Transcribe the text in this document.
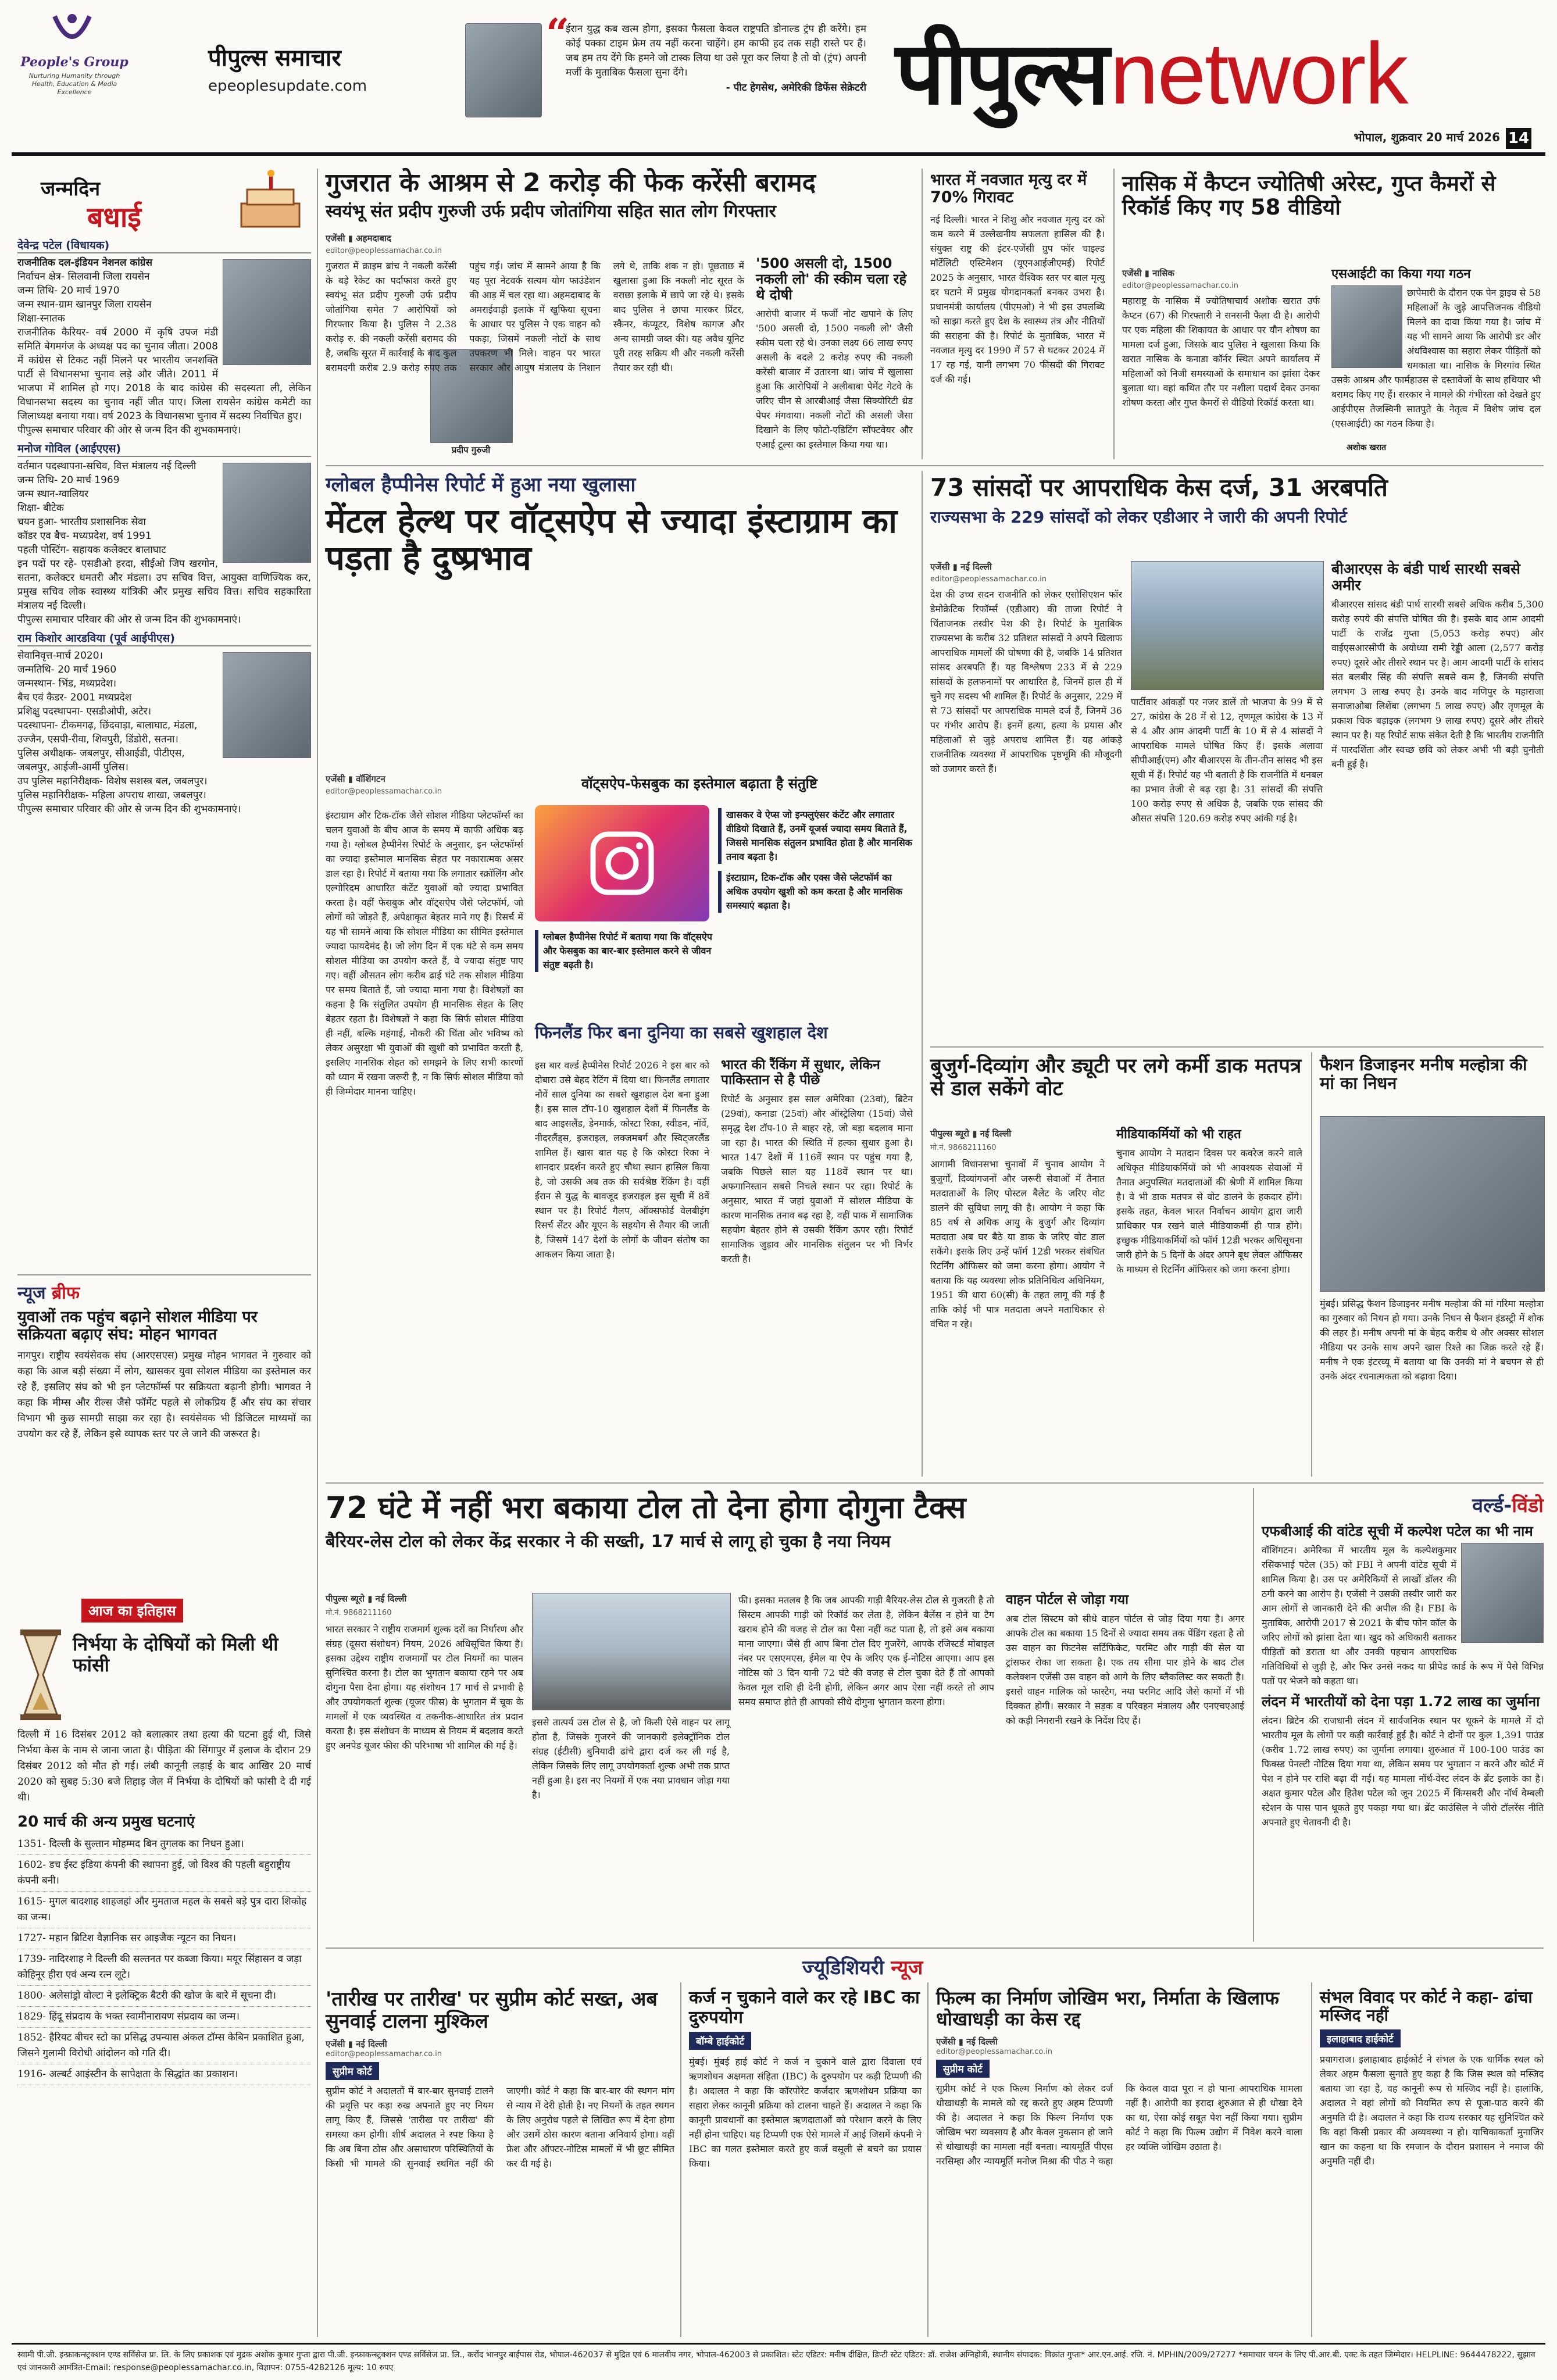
People's Group
Nurturing Humanity through Health, Education & Media Excellence
पीपुल्स समाचार
epeoplesupdate.com
“
ईरान युद्ध कब खत्म होगा, इसका फैसला केवल राष्ट्रपति डोनाल्ड ट्रंप ही करेंगे। हम कोई पक्का टाइम फ्रेम तय नहीं करना चाहेंगे। हम काफी हद तक सही रास्ते पर हैं। जब हम तय देंगे कि हमने जो टास्क लिया था उसे पूरा कर लिया है तो वो (ट्रंप) अपनी मर्जी के मुताबिक फैसला सुना देंगे।
- पीट हेगसेथ, अमेरिकी डिफेंस सेक्रेटरी पीपुल्स network
भोपाल, शुक्रवार 20 मार्च 2026 14
जन्मदिन
बधाई
देवेन्द्र पटेल (विधायक)
राजनीतिक दल-इंडियन नेशनल कांग्रेस
निर्वाचन क्षेत्र- सिलवानी जिला रायसेन
जन्म तिथि- 20 मार्च 1970
जन्म स्थान-ग्राम खानपुर जिला रायसेन
शिक्षा-स्नातक
राजनीतिक कैरियर- वर्ष 2000 में कृषि उपज मंडी समिति बेगमगंज के अध्यक्ष पद का चुनाव जीता। 2008 में कांग्रेस से टिकट नहीं मिलने पर भारतीय जनशक्ति पार्टी से विधानसभा चुनाव लड़े और जीते। 2011 में भाजपा में शामिल हो गए। 2018 के बाद कांग्रेस की सदस्यता ली, लेकिन विधानसभा सदस्य का चुनाव नहीं जीत पाए। जिला रायसेन कांग्रेस कमेटी का जिलाध्यक्ष बनाया गया। वर्ष 2023 के विधानसभा चुनाव में सदस्य निर्वाचित हुए।
पीपुल्स समाचार परिवार की ओर से जन्म दिन की शुभकामनाएं।
मनोज गोविल (आईएएस)
वर्तमान पदस्थापना-सचिव, वित्त मंत्रालय नई दिल्ली
जन्म तिथि- 20 मार्च 1969
जन्म स्थान-ग्वालियर
शिक्षा- बीटेक
चयन हुआ- भारतीय प्रशासनिक सेवा
कॉडर एव बैच- मध्यप्रदेश, वर्ष 1991
पहली पोस्टिंग- सहायक कलेक्टर बालाघाट
इन पदों पर रहे- एसडीओ हरदा, सीईओ जिप खरगोन, सतना, कलेक्टर धमतरी और मंडला। उप सचिव वित्त, आयुक्त वाणिज्यिक कर, प्रमुख सचिव लोक स्वास्थ्य यांत्रिकी और प्रमुख सचिव वित्त। सचिव सहकारिता मंत्रालय नई दिल्ली।
पीपुल्स समाचार परिवार की ओर से जन्म दिन की शुभकामनाएं।
राम किशोर आरडविया (पूर्व आईपीएस)
सेवानिवृत्त-मार्च 2020।
जन्मतिथि- 20 मार्च 1960
जन्मस्थान- भिंड, मध्यप्रदेश।
बैच एवं कैडर- 2001 मध्यप्रदेश
प्रशिक्षु पदस्थापना- एसडीओपी, अटेर।
पदस्थापना- टीकमगढ़, छिंदवाड़ा, बालाघाट, मंडला, उज्जैन, एसपी-रीवा, शिवपुरी, डिंडोरी, सतना।
पुलिस अधीक्षक- जबलपुर, सीआईडी, पीटीएस, जबलपुर, आईजी-आर्मी पुलिस।
उप पुलिस महानिरीक्षक- विशेष सशस्त्र बल, जबलपुर।
पुलिस महानिरीक्षक- महिला अपराध शाखा, जबलपुर।
पीपुल्स समाचार परिवार की ओर से जन्म दिन की शुभकामनाएं।
न्यूज ब्रीफ
युवाओं तक पहुंच बढ़ाने सोशल मीडिया पर सक्रियता बढ़ाए संघ: मोहन भागवत
नागपुर। राष्ट्रीय स्वयंसेवक संघ (आरएसएस) प्रमुख मोहन भागवत ने गुरुवार को कहा कि आज बड़ी संख्या में लोग, खासकर युवा सोशल मीडिया का इस्तेमाल कर रहे हैं, इसलिए संघ को भी इन प्लेटफॉर्म्स पर सक्रियता बढ़ानी होगी। भागवत ने कहा कि मीम्स और रील्स जैसे फॉर्मेट पहले से लोकप्रिय हैं और संघ का संचार विभाग भी कुछ सामग्री साझा कर रहा है। स्वयंसेवक भी डिजिटल माध्यमों का उपयोग कर रहे हैं, लेकिन इसे व्यापक स्तर पर ले जाने की जरूरत है।
आज का इतिहास
निर्भया के दोषियों को मिली थी फांसी
दिल्ली में 16 दिसंबर 2012 को बलात्कार तथा हत्या की घटना हुई थी, जिसे निर्भया केस के नाम से जाना जाता है। पीड़िता की सिंगापुर में इलाज के दौरान 29 दिसंबर 2012 को मौत हो गई। लंबी कानूनी लड़ाई के बाद आखिर 20 मार्च 2020 को सुबह 5:30 बजे तिहाड़ जेल में निर्भया के दोषियों को फांसी दे दी गई थी।
20 मार्च की अन्य प्रमुख घटनाएं
1351- दिल्ली के सुल्तान मोहम्मद बिन तुगलक का निधन हुआ।
1602- डच ईस्ट इंडिया कंपनी की स्थापना हुई, जो विश्व की पहली बहुराष्ट्रीय कंपनी बनी।
1615- मुगल बादशाह शाहजहां और मुमताज महल के सबसे बड़े पुत्र दारा शिकोह का जन्म।
1727- महान ब्रिटिश वैज्ञानिक सर आइजैक न्यूटन का निधन।
1739- नादिरशाह ने दिल्ली की सल्तनत पर कब्जा किया। मयूर सिंहासन व जड़ा कोहिनूर हीरा एवं अन्य रत्न लूटे।
1800- अलेसांड्रो वोल्टा ने इलेक्ट्रिक बैटरी की खोज के बारे में सूचना दी।
1829- हिंदू संप्रदाय के भक्त स्वामीनारायण संप्रदाय का जन्म।
1852- हैरियट बीचर स्टो का प्रसिद्ध उपन्यास अंकल टॉम्स केबिन प्रकाशित हुआ, जिसने गुलामी विरोधी आंदोलन को गति दी।
1916- अल्बर्ट आइंस्टीन के सापेक्षता के सिद्धांत का प्रकाशन।
गुजरात के आश्रम से 2 करोड़ की फेक करेंसी बरामद
स्वयंभू संत प्रदीप गुरुजी उर्फ प्रदीप जोतांगिया सहित सात लोग गिरफ्तार
एजेंसी ▮ अहमदाबाद
editor@peoplessamachar.co.in
प्रदीप गुरुजी
गुजरात में क्राइम ब्रांच ने नकली करेंसी के बड़े रैकेट का पर्दाफाश करते हुए स्वयंभू संत प्रदीप गुरुजी उर्फ प्रदीप जोतांगिया समेत 7 आरोपियों को गिरफ्तार किया है। पुलिस ने 2.38 करोड़ रु. की नकली करेंसी बरामद की है, जबकि सूरत में कार्रवाई के बाद कुल बरामदगी करीब 2.9 करोड़ रुपए तक पहुंच गई। जांच में सामने आया है कि यह पूरा नेटवर्क सत्यम योग फाउंडेशन की आड़ में चल रहा था। अहमदाबाद के अमराईवाड़ी इलाके में खुफिया सूचना के आधार पर पुलिस ने एक वाहन को पकड़ा, जिसमें नकली नोटों के साथ उपकरण भी मिले। वाहन पर भारत सरकार और आयुष मंत्रालय के निशान लगे थे, ताकि शक न हो। पूछताछ में खुलासा हुआ कि नकली नोट सूरत के वराछा इलाके में छापे जा रहे थे। इसके बाद पुलिस ने छापा मारकर प्रिंटर, स्कैनर, कंप्यूटर, विशेष कागज और अन्य सामग्री जब्त की। यह अवैध यूनिट पूरी तरह सक्रिय थी और नकली करेंसी तैयार कर रही थी।
'500 असली दो, 1500 नकली लो' की स्कीम चला रहे थे दोषी
आरोपी बाजार में फर्जी नोट खपाने के लिए '500 असली दो, 1500 नकली लो' जैसी स्कीम चला रहे थे। उनका लक्ष्य 66 लाख रुपए असली के बदले 2 करोड़ रुपए की नकली करेंसी बाजार में उतारना था। जांच में खुलासा हुआ कि आरोपियों ने अलीबाबा पेमेंट गेटवे के जरिए चीन से आरबीआई जैसा सिक्योरिटी थ्रेड पेपर मंगवाया। नकली नोटों की असली जैसा दिखाने के लिए फोटो-एडिटिंग सॉफ्टवेयर और एआई टूल्स का इस्तेमाल किया गया था।
भारत में नवजात मृत्यु दर में 70% गिरावट
नई दिल्ली। भारत ने शिशु और नवजात मृत्यु दर को कम करने में उल्लेखनीय सफलता हासिल की है। संयुक्त राष्ट्र की इंटर-एजेंसी ग्रुप फॉर चाइल्ड मॉर्टेलिटी एस्टिमेशन (यूएनआईजीएमई) रिपोर्ट 2025 के अनुसार, भारत वैश्विक स्तर पर बाल मृत्यु दर घटाने में प्रमुख योगदानकर्ता बनकर उभरा है। प्रधानमंत्री कार्यालय (पीएमओ) ने भी इस उपलब्धि को साझा करते हुए देश के स्वास्थ्य तंत्र और नीतियों की सराहना की है। रिपोर्ट के मुताबिक, भारत में नवजात मृत्यु दर 1990 में 57 से घटकर 2024 में 17 रह गई, यानी लगभग 70 फीसदी की गिरावट दर्ज की गई।
नासिक में कैप्टन ज्योतिषी अरेस्ट, गुप्त कैमरों से रिकॉर्ड किए गए 58 वीडियो
एजेंसी ▮ नासिक
editor@peoplessamachar.co.in
महाराष्ट्र के नासिक में ज्योतिषाचार्य अशोक खरात उर्फ कैप्टन (67) की गिरफ्तारी ने सनसनी फैला दी है। आरोपी पर एक महिला की शिकायत के आधार पर यौन शोषण का मामला दर्ज हुआ, जिसके बाद पुलिस ने खुलासा किया कि खरात नासिक के कनाडा कॉर्नर स्थित अपने कार्यालय में महिलाओं को निजी समस्याओं के समाधान का झांसा देकर बुलाता था। वहां कथित तौर पर नशीला पदार्थ देकर उनका शोषण करता और गुप्त कैमरों से वीडियो रिकॉर्ड करता था।
एसआईटी का किया गया गठन
छापेमारी के दौरान एक पेन ड्राइव से 58 महिलाओं के जुड़े आपत्तिजनक वीडियो मिलने का दावा किया गया है। जांच में यह भी सामने आया कि आरोपी डर और अंधविश्वास का सहारा लेकर पीड़ितों को धमकाता था। नासिक के मिरगांव स्थित उसके आश्रम और फार्महाउस से दस्तावेजों के साथ हथियार भी बरामद किए गए हैं। सरकार ने मामले की गंभीरता को देखते हुए आईपीएस तेजस्विनी सातपुते के नेतृत्व में विशेष जांच दल (एसआईटी) का गठन किया है।
अशोक खरात
ग्लोबल हैप्पीनेस रिपोर्ट में हुआ नया खुलासा
मेंटल हेल्थ पर वॉट्सऐप से ज्यादा इंस्टाग्राम का पड़ता है दुष्प्रभाव
एजेंसी ▮ वॉशिंगटन
editor@peoplessamachar.co.in	वॉट्सऐप-फेसबुक का इस्तेमाल बढ़ाता है संतुष्टि
इंस्टाग्राम और टिक-टॉक जैसे सोशल मीडिया प्लेटफॉर्म्स का चलन युवाओं के बीच आज के समय में काफी अधिक बढ़ गया है। ग्लोबल हैप्पीनेस रिपोर्ट के अनुसार, इन प्लेटफॉर्म्स का ज्यादा इस्तेमाल मानसिक सेहत पर नकारात्मक असर डाल रहा है। रिपोर्ट में बताया गया कि लगातार स्क्रॉलिंग और एल्गोरिदम आधारित कंटेंट युवाओं को ज्यादा प्रभावित करता है। वहीं फेसबुक और वॉट्सऐप जैसे प्लेटफॉर्म, जो लोगों को जोड़ते हैं, अपेक्षाकृत बेहतर माने गए हैं। रिसर्च में यह भी सामने आया कि सोशल मीडिया का सीमित इस्तेमाल ज्यादा फायदेमंद है। जो लोग दिन में एक घंटे से कम समय सोशल मीडिया का उपयोग करते हैं, वे ज्यादा संतुष्ट पाए गए। वहीं औसतन लोग करीब ढाई घंटे तक सोशल मीडिया पर समय बिताते हैं, जो ज्यादा माना गया है। विशेषज्ञों का कहना है कि संतुलित उपयोग ही मानसिक सेहत के लिए बेहतर रहता है। विशेषज्ञों ने कहा कि सिर्फ सोशल मीडिया ही नहीं, बल्कि महंगाई, नौकरी की चिंता और भविष्य को लेकर असुरक्षा भी युवाओं की खुशी को प्रभावित करती है, इसलिए मानसिक सेहत को समझने के लिए सभी कारणों को ध्यान में रखना जरूरी है, न कि सिर्फ सोशल मीडिया को ही जिम्मेदार मानना चाहिए।
खासकर वे ऐप्स जो इन्फ्लुएंसर कंटेंट और लगातार वीडियो दिखाते हैं, उनमें यूजर्स ज्यादा समय बिताते हैं, जिससे मानसिक संतुलन प्रभावित होता है और मानसिक तनाव बढ़ता है।
इंस्टाग्राम, टिक-टॉक और एक्स जैसे प्लेटफॉर्म का अधिक उपयोग खुशी को कम करता है और मानसिक समस्याएं बढ़ाता है।
ग्लोबल हैप्पीनेस रिपोर्ट में बताया गया कि वॉट्सऐप और फेसबुक का बार-बार इस्तेमाल करने से जीवन संतुष्ट बढ़ती है।
फिनलैंड फिर बना दुनिया का सबसे खुशहाल देश
इस बार वर्ल्ड हैप्पीनेस रिपोर्ट 2026 ने इस बार को दोबारा उसे बेहद रेटिंग में दिया था। फिनलैंड लगातार नौवें साल दुनिया का सबसे खुशहाल देश बना हुआ है। इस साल टॉप-10 खुशहाल देशों में फिनलैंड के बाद आइसलैंड, डेनमार्क, कोस्टा रिका, स्वीडन, नॉर्वे, नीदरलैंड्स, इजराइल, लक्जमबर्ग और स्विट्जरलैंड शामिल हैं। खास बात यह है कि कोस्टा रिका ने शानदार प्रदर्शन करते हुए चौथा स्थान हासिल किया है, जो उसकी अब तक की सर्वश्रेष्ठ रैंकिंग है। वहीं ईरान से युद्ध के बावजूद इजराइल इस सूची में 8वें स्थान पर है। रिपोर्ट गैलप, ऑक्सफोर्ड वेलबीइंग रिसर्च सेंटर और यूएन के सहयोग से तैयार की जाती है, जिसमें 147 देशों के लोगों के जीवन संतोष का आकलन किया जाता है।
भारत की रैंकिंग में सुधार, लेकिन पाकिस्तान से है पीछे
रिपोर्ट के अनुसार इस साल अमेरिका (23वां), ब्रिटेन (29वां), कनाडा (25वां) और ऑस्ट्रेलिया (15वां) जैसे समृद्ध देश टॉप-10 से बाहर रहे, जो बड़ा बदलाव माना जा रहा है। भारत की स्थिति में हल्का सुधार हुआ है। भारत 147 देशों में 116वें स्थान पर पहुंच गया है, जबकि पिछले साल यह 118वें स्थान पर था। अफगानिस्तान सबसे निचले स्थान पर रहा। रिपोर्ट के अनुसार, भारत में जहां युवाओं में सोशल मीडिया के कारण मानसिक तनाव बढ़ रहा है, वहीं पाक में सामाजिक सहयोग बेहतर होने से उसकी रैंकिंग ऊपर रही। रिपोर्ट सामाजिक जुड़ाव और मानसिक संतुलन पर भी निर्भर करती है।
73 सांसदों पर आपराधिक केस दर्ज, 31 अरबपति
राज्यसभा के 229 सांसदों को लेकर एडीआर ने जारी की अपनी रिपोर्ट
एजेंसी ▮ नई दिल्ली
editor@peoplessamachar.co.in
देश की उच्च सदन राजनीति को लेकर एसोसिएशन फॉर डेमोक्रेटिक रिफॉर्म्स (एडीआर) की ताजा रिपोर्ट ने चिंताजनक तस्वीर पेश की है। रिपोर्ट के मुताबिक राज्यसभा के करीब 32 प्रतिशत सांसदों ने अपने खिलाफ आपराधिक मामलों की घोषणा की है, जबकि 14 प्रतिशत सांसद अरबपति हैं। यह विश्लेषण 233 में से 229 सांसदों के हलफनामों पर आधारित है, जिनमें हाल ही में चुने गए सदस्य भी शामिल हैं। रिपोर्ट के अनुसार, 229 में से 73 सांसदों पर आपराधिक मामले दर्ज हैं, जिनमें 36 पर गंभीर आरोप हैं। इनमें हत्या, हत्या के प्रयास और महिलाओं से जुड़े अपराध शामिल हैं। यह आंकड़े राजनीतिक व्यवस्था में आपराधिक पृष्ठभूमि की मौजूदगी को उजागर करते हैं।
पार्टीवार आंकड़ों पर नजर डालें तो भाजपा के 99 में से 27, कांग्रेस के 28 में से 12, तृणमूल कांग्रेस के 13 में से 4 और आम आदमी पार्टी के 10 में से 4 सांसदों ने आपराधिक मामले घोषित किए हैं। इसके अलावा सीपीआई(एम) और बीआरएस के तीन-तीन सांसद भी इस सूची में हैं। रिपोर्ट यह भी बताती है कि राजनीति में धनबल का प्रभाव तेजी से बढ़ रहा है। 31 सांसदों की संपत्ति 100 करोड़ रुपए से अधिक है, जबकि एक सांसद की औसत संपत्ति 120.69 करोड़ रुपए आंकी गई है।
बीआरएस के बंडी पार्थ सारथी सबसे अमीर
बीआरएस सांसद बंडी पार्थ सारथी सबसे अधिक करीब 5,300 करोड़ रुपये की संपत्ति घोषित की है। इसके बाद आम आदमी पार्टी के राजेंद्र गुप्ता (5,053 करोड़ रुपए) और वाईएसआरसीपी के अयोध्या रामी रेड्डी आला (2,577 करोड़ रुपए) दूसरे और तीसरे स्थान पर है। आम आदमी पार्टी के सांसद संत बलबीर सिंह की संपत्ति सबसे कम है, जिनकी संपत्ति लगभग 3 लाख रुपए है। उनके बाद मणिपुर के महाराजा सनाजाओबा लिशेंबा (लगभग 5 लाख रुपए) और तृणमूल के प्रकाश चिक बड़ाइक (लगभग 9 लाख रुपए) दूसरे और तीसरे स्थान पर है। यह रिपोर्ट साफ संकेत देती है कि भारतीय राजनीति में पारदर्शिता और स्वच्छ छवि को लेकर अभी भी बड़ी चुनौती बनी हुई है।
बुजुर्ग-दिव्यांग और ड्यूटी पर लगे कर्मी डाक मतपत्र से डाल सकेंगे वोट
पीपुल्स ब्यूरो ▮ नई दिल्ली
मो.नं. 9868211160
आगामी विधानसभा चुनावों में चुनाव आयोग ने बुजुर्गों, दिव्यांगजनों और जरूरी सेवाओं में तैनात मतदाताओं के लिए पोस्टल बैलेट के जरिए वोट डालने की सुविधा लागू की है। आयोग ने कहा कि 85 वर्ष से अधिक आयु के बुजुर्ग और दिव्यांग मतदाता अब घर बैठे या डाक के जरिए वोट डाल सकेंगे। इसके लिए उन्हें फॉर्म 12डी भरकर संबंधित रिटर्निंग ऑफिसर को जमा करना होगा। आयोग ने बताया कि यह व्यवस्था लोक प्रतिनिधित्व अधिनियम, 1951 की धारा 60(सी) के तहत लागू की गई है ताकि कोई भी पात्र मतदाता अपने मताधिकार से वंचित न रहे।
मीडियाकर्मियों को भी राहत
चुनाव आयोग ने मतदान दिवस पर कवरेज करने वाले अधिकृत मीडियाकर्मियों को भी आवश्यक सेवाओं में तैनात अनुपस्थित मतदाताओं की श्रेणी में शामिल किया है। वे भी डाक मतपत्र से वोट डालने के हकदार होंगे। इसके तहत, केवल भारत निर्वाचन आयोग द्वारा जारी प्राधिकार पत्र रखने वाले मीडियाकर्मी ही पात्र होंगे। इच्छुक मीडियाकर्मियों को फॉर्म 12डी भरकर अधिसूचना जारी होने के 5 दिनों के अंदर अपने बूथ लेवल ऑफिसर के माध्यम से रिटर्निंग ऑफिसर को जमा करना होगा।
फैशन डिजाइनर मनीष मल्होत्रा की मां का निधन
मुंबई। प्रसिद्ध फैशन डिजाइनर मनीष मल्होत्रा की मां गरिमा मल्होत्रा का गुरुवार को निधन हो गया। उनके निधन से फैशन इंडस्ट्री में शोक की लहर है। मनीष अपनी मां के बेहद करीब थे और अक्सर सोशल मीडिया पर उनके साथ अपने खास रिश्ते का जिक्र करते रहे हैं। मनीष ने एक इंटरव्यू में बताया था कि उनकी मां ने बचपन से ही उनके अंदर रचनात्मकता को बढ़ावा दिया।
72 घंटे में नहीं भरा बकाया टोल तो देना होगा दोगुना टैक्स
बैरियर-लेस टोल को लेकर केंद्र सरकार ने की सख्ती, 17 मार्च से लागू हो चुका है नया नियम
पीपुल्स ब्यूरो ▮ नई दिल्ली
मो.नं. 9868211160
भारत सरकार ने राष्ट्रीय राजमार्ग शुल्क दरों का निर्धारण और संग्रह (दूसरा संशोधन) नियम, 2026 अधिसूचित किया है। इसका उद्देश्य राष्ट्रीय राजमार्गों पर टोल नियमों का पालन सुनिश्चित करना है। टोल का भुगतान बकाया रहने पर अब दोगुना पैसा देना होगा। यह संशोधन 17 मार्च से प्रभावी है और उपयोगकर्ता शुल्क (यूजर फीस) के भुगतान में चूक के मामलों में एक व्यवस्थित व तकनीक-आधारित तंत्र प्रदान करता है। इस संशोधन के माध्यम से नियम में बदलाव करते हुए अनपेड यूजर फीस की परिभाषा भी शामिल की गई है।
इससे तात्पर्य उस टोल से है, जो किसी ऐसे वाहन पर लागू होता है, जिसके गुजरने की जानकारी इलेक्ट्रॉनिक टोल संग्रह (ईटीसी) बुनियादी ढांचे द्वारा दर्ज कर ली गई है, लेकिन जिसके लिए लागू उपयोगकर्ता शुल्क अभी तक प्राप्त नहीं हुआ है। इस नए नियमों में एक नया प्रावधान जोड़ा गया है।
फी। इसका मतलब है कि जब आपकी गाड़ी बैरियर-लेस टोल से गुजरती है तो सिस्टम आपकी गाड़ी को रिकॉर्ड कर लेता है, लेकिन बैलेंस न होने या टैग खराब होने की वजह से टोल का पैसा नहीं कट पाता है, तो इसे अब बकाया माना जाएगा। जैसे ही आप बिना टोल दिए गुजरेंगे, आपके रजिस्टर्ड मोबाइल नंबर पर एसएमएस, ईमेल या ऐप के जरिए एक ई-नोटिस आएगा। आप इस नोटिस को 3 दिन यानी 72 घंटे की वजह से टोल चुका देते हैं तो आपको केवल मूल राशि ही देनी होगी, लेकिन अगर आप ऐसा नहीं करते तो आप समय समाप्त होते ही आपको सीधे दोगुना भुगतान करना होगा।
वाहन पोर्टल से जोड़ा गया
अब टोल सिस्टम को सीधे वाहन पोर्टल से जोड़ दिया गया है। अगर आपके टोल का बकाया 15 दिनों से ज्यादा समय तक पेंडिंग रहता है तो उस वाहन का फिटनेस सर्टिफिकेट, परमिट और गाड़ी की सेल या ट्रांसफर रोका जा सकता है। एक तय सीमा पार होने के बाद टोल कलेक्शन एजेंसी उस वाहन को आगे के लिए ब्लैकलिस्ट कर सकती है। इससे वाहन मालिक को फास्टैग, नया परमिट आदि जैसे कामों में भी दिक्कत होगी। सरकार ने सड़क व परिवहन मंत्रालय और एनएचएआई को कड़ी निगरानी रखने के निर्देश दिए हैं।
वर्ल्ड-विंडो
एफबीआई की वांटेड सूची में कल्पेश पटेल का भी नाम
वॉशिंगटन। अमेरिका में भारतीय मूल के कल्पेशकुमार रसिकभाई पटेल (35) को FBI ने अपनी वांटेड सूची में शामिल किया है। उस पर अमेरिकियों से लाखों डॉलर की ठगी करने का आरोप है। एजेंसी ने उसकी तस्वीर जारी कर आम लोगों से जानकारी देने की अपील की है। FBI के मुताबिक, आरोपी 2017 से 2021 के बीच फोन कॉल के जरिए लोगों को झांसा देता था। खुद को अधिकारी बताकर पीड़ितों को डराता था और उनकी पहचान आपराधिक गतिविधियों से जुड़ी है, और फिर उनसे नकद या प्रीपेड कार्ड के रूप में पैसे विभिन्न पतों पर भेजने को कहता था।
लंदन में भारतीयों को देना पड़ा 1.72 लाख का जुर्माना
लंदन। ब्रिटेन की राजधानी लंदन में सार्वजनिक स्थान पर थूकने के मामले में दो भारतीय मूल के लोगों पर कड़ी कार्रवाई हुई है। कोर्ट ने दोनों पर कुल 1,391 पाउंड (करीब 1.72 लाख रुपए) का जुर्माना लगाया। शुरुआत में 100-100 पाउंड का फिक्स्ड पेनल्टी नोटिस दिया गया था, लेकिन समय पर भुगतान न करने और कोर्ट में पेश न होने पर राशि बढ़ा दी गई। यह मामला नॉर्थ-वेस्ट लंदन के ब्रेंट इलाके का है। अक्षत कुमार पटेल और हितेश पटेल को जून 2025 में किंग्सबरी और नॉर्थ वेम्बली स्टेशन के पास पान थूकते हुए पकड़ा गया था। ब्रेंट काउंसिल ने जीरो टॉलरेंस नीति अपनाते हुए चेतावनी दी है।
ज्यूडिशियरी न्यूज
'तारीख पर तारीख' पर सुप्रीम कोर्ट सख्त, अब सुनवाई टालना मुश्किल
एजेंसी ▮ नई दिल्ली
editor@peoplessamachar.co.in
सुप्रीम कोर्ट
सुप्रीम कोर्ट ने अदालतों में बार-बार सुनवाई टालने की प्रवृत्ति पर कड़ा रुख अपनाते हुए नए नियम लागू किए हैं, जिससे 'तारीख पर तारीख' की समस्या कम होगी। शीर्ष अदालत ने स्पष्ट किया है कि अब बिना ठोस और असाधारण परिस्थितियों के किसी भी मामले की सुनवाई स्थगित नहीं की जाएगी। कोर्ट ने कहा कि बार-बार की स्थगन मांग से न्याय में देरी होती है। नए नियमों के तहत स्थगन के लिए अनुरोध पहले से लिखित रूप में देना होगा और उसमें ठोस कारण बताना अनिवार्य होगा। वहीं फ्रेश और ऑफ्टर-नोटिस मामलों में भी छूट सीमित कर दी गई है।
कर्ज न चुकाने वाले कर रहे IBC का दुरुपयोग
बॉम्बे हाईकोर्ट
मुंबई। मुंबई हाई कोर्ट ने कर्ज न चुकाने वाले द्वारा दिवाला एवं ऋणशोधन अक्षमता संहिता (IBC) के दुरुपयोग पर कड़ी टिप्पणी की है। अदालत ने कहा कि कॉरपोरेट कर्जदार ऋणशोधन प्रक्रिया का सहारा लेकर कानूनी प्रक्रिया को टालना चाहते हैं। अदालत ने कहा कि कानूनी प्रावधानों का इस्तेमाल ऋणदाताओं को परेशान करने के लिए नहीं होना चाहिए। यह टिप्पणी एक ऐसे मामले में आई जिसमें कंपनी ने IBC का गलत इस्तेमाल करते हुए कर्ज वसूली से बचने का प्रयास किया।
फिल्म का निर्माण जोखिम भरा, निर्माता के खिलाफ धोखाधड़ी का केस रद्द
एजेंसी ▮ नई दिल्ली
editor@peoplessamachar.co.in
सुप्रीम कोर्ट
सुप्रीम कोर्ट ने एक फिल्म निर्माण को लेकर दर्ज धोखाधड़ी के मामले को रद्द करते हुए अहम टिप्पणी की है। अदालत ने कहा कि फिल्म निर्माण एक जोखिम भरा व्यवसाय है और केवल नुकसान हो जाने से धोखाधड़ी का मामला नहीं बनता। न्यायमूर्ति पीएस नरसिम्हा और न्यायमूर्ति मनोज मिश्रा की पीठ ने कहा कि केवल वादा पूरा न हो पाना आपराधिक मामला नहीं है। आरोपी का इरादा शुरुआत से ही धोखा देने का था, ऐसा कोई सबूत पेश नहीं किया गया। सुप्रीम कोर्ट ने कहा कि फिल्म उद्योग में निवेश करने वाला हर व्यक्ति जोखिम उठाता है।
संभल विवाद पर कोर्ट ने कहा- ढांचा मस्जिद नहीं
इलाहाबाद हाईकोर्ट
प्रयागराज। इलाहाबाद हाईकोर्ट ने संभल के एक धार्मिक स्थल को लेकर अहम फैसला सुनाते हुए कहा है कि जिस स्थल को मस्जिद बताया जा रहा है, वह कानूनी रूप से मस्जिद नहीं है। हालांकि, अदालत ने वहां लोगों को नियमित रूप से पूजा-पाठ करने की अनुमति दी है। अदालत ने कहा कि राज्य सरकार यह सुनिश्चित करे कि वहां किसी प्रकार की अव्यवस्था न हो। याचिकाकर्ता मुनाजिर खान का कहना था कि रमजान के दौरान प्रशासन ने नमाज की अनुमति नहीं दी।
स्वामी पी.जी. इन्फ्राकन्स्ट्रक्शन एण्ड सर्विसेज प्रा. लि. के लिए प्रकाशक एवं मुद्रक अशोक कुमार गुप्ता द्वारा पी.जी. इन्फ्राकन्स्ट्रक्शन एण्ड सर्विसेज प्रा. लि., करोंद भानपुर बाईपास रोड, भोपाल-462037 से मुद्रित एवं 6 मालवीय नगर, भोपाल-462003 से प्रकाशित। स्टेट एडिटर: मनीष दीक्षित, डिप्टी स्टेट एडिटर: डॉ. राजेश अग्निहोत्री, स्थानीय संपादक: विक्रांत गुप्ता* आर.एन.आई. रजि. नं. MPHIN/2009/27277 *समाचार चयन के लिए पी.आर.बी. एक्ट के तहत जिम्मेदार। HELPLINE: 9644478222, सुझाव एवं जानकारी आमंत्रित-Email: response@peoplessamachar.co.in, विज्ञापन: 0755-4282126 मूल्य: 10 रुपए
